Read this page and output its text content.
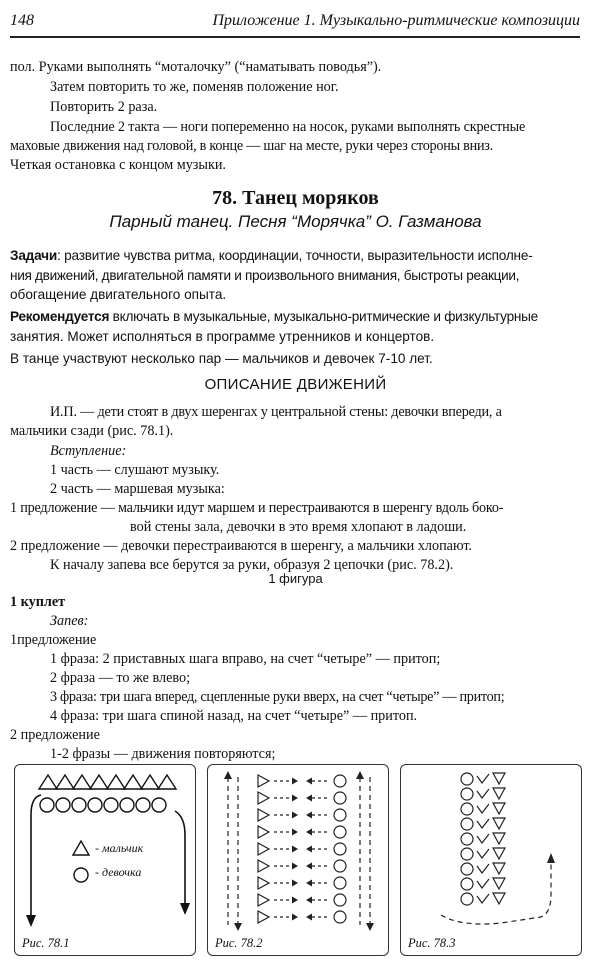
148	Приложение 1. Музыкально-ритмические композиции
пол. Руками выполнять “моталочку” (“наматывать поводья”).
Затем повторить то же, поменяв положение ног.
Повторить 2 раза.
Последние 2 такта — ноги попеременно на носок, руками выполнять скрестные
маховые движения над головой, в конце — шаг на месте, руки через стороны вниз.
Четкая остановка с концом музыки.
78. Танец моряков
Парный танец. Песня “Морячка” О. Газманова
Задачи: развитие чувства ритма, координации, точности, выразительности исполне-
ния движений, двигательной памяти и произвольного внимания, быстроты реакции,
обогащение двигательного опыта.
Рекомендуется включать в музыкальные, музыкально-ритмические и физкультурные
занятия. Может исполняться в программе утренников и концертов.
В танце участвуют несколько пар — мальчиков и девочек 7-10 лет.
ОПИСАНИЕ ДВИЖЕНИЙ
И.П. — дети стоят в двух шеренгах у центральной стены: девочки впереди, а
мальчики сзади (рис. 78.1).
Вступление:
1 часть — слушают музыку.
2 часть — маршевая музыка:
1 предложение — мальчики идут маршем и перестраиваются в шеренгу вдоль боко-
вой стены зала, девочки в это время хлопают в ладоши.
2 предложение — девочки перестраиваются в шеренгу, а мальчики хлопают.
К началу запева все берутся за руки, образуя 2 цепочки (рис. 78.2).
1 фигура
1 куплет
Запев:
1предложение
1 фраза: 2 приставных шага вправо, на счет “четыре” — притоп;
2 фраза — то же влево;
3 фраза: три шага вперед, сцепленные руки вверх, на счет “четыре” — притоп;
4 фраза: три шага спиной назад, на счет “четыре” — притоп.
2 предложение
1-2 фразы — движения повторяются;
- мальчик
- девочка
Рис. 78.1	Рис. 78.2	Рис. 78.3
